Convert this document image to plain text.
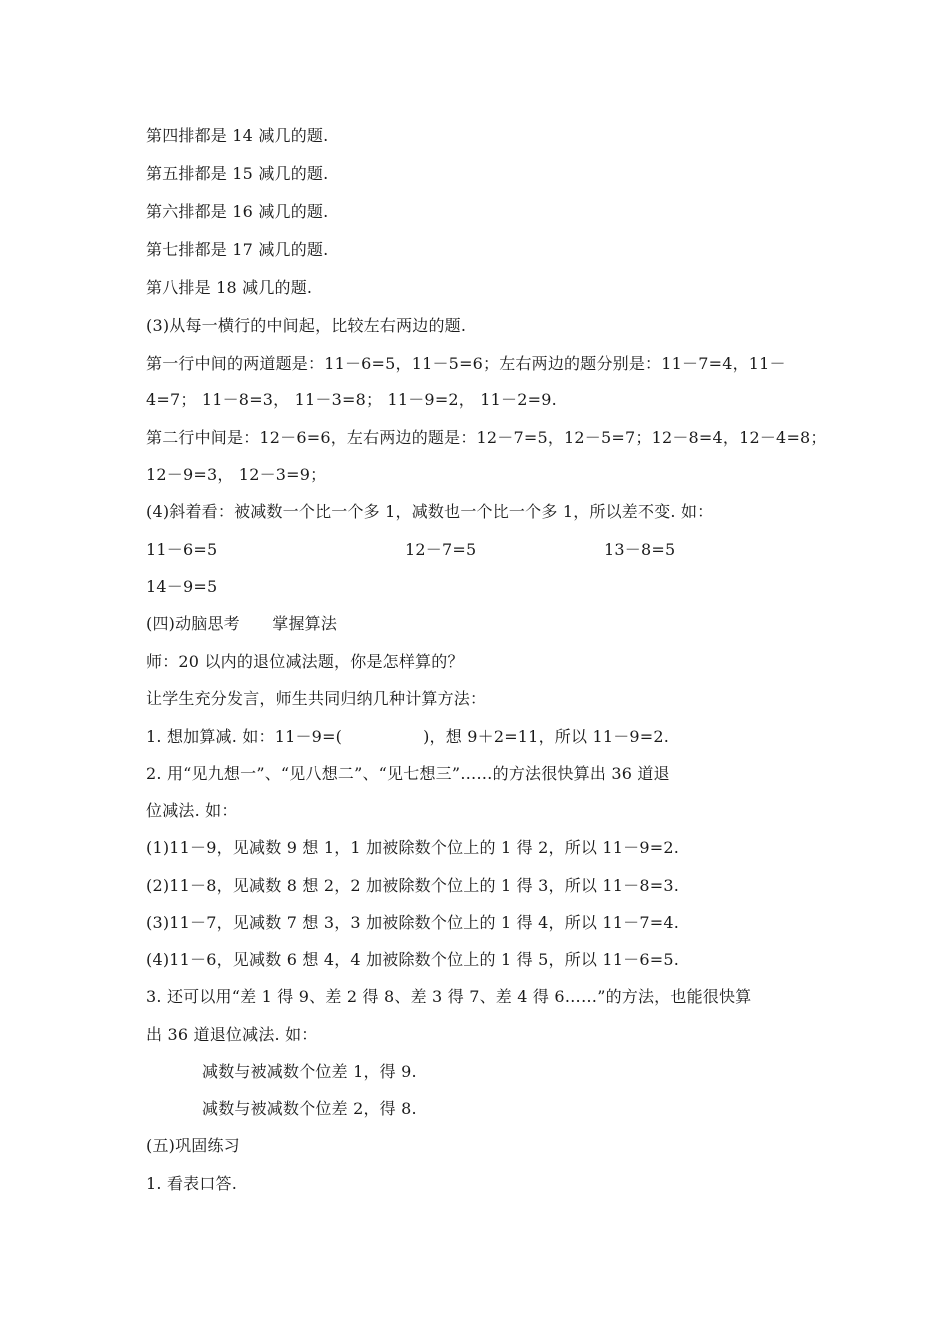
第四排都是 14 减几的题.
第五排都是 15 减几的题.
第六排都是 16 减几的题.
第七排都是 17 减几的题.
第八排是 18 减几的题.
(3)从每一横行的中间起，比较左右两边的题.
第一行中间的两道题是：11－6=5，11－5=6；左右两边的题分别是：11－7=4，11－
4=7； 11－8=3， 11－3=8； 11－9=2， 11－2=9.
第二行中间是：12－6=6，左右两边的题是：12－7=5，12－5=7；12－8=4，12－4=8；
12－9=3， 12－3=9；
(4)斜着看：被减数一个比一个多 1，减数也一个比一个多 1，所以差不变. 如：
11－6=5	12－7=5	13－8=5
14－9=5
(四)动脑思考　　掌握算法
师：20 以内的退位减法题，你是怎样算的？
让学生充分发言，师生共同归纳几种计算方法：
1. 想加算减. 如：11－9=(　　　　　)，想 9＋2=11，所以 11－9=2.
2. 用“见九想一”、“见八想二”、“见七想三”……的方法很快算出 36 道退
位减法. 如：
(1)11－9，见减数 9 想 1，1 加被除数个位上的 1 得 2，所以 11－9=2.
(2)11－8，见减数 8 想 2，2 加被除数个位上的 1 得 3，所以 11－8=3.
(3)11－7，见减数 7 想 3，3 加被除数个位上的 1 得 4，所以 11－7=4.
(4)11－6，见减数 6 想 4，4 加被除数个位上的 1 得 5，所以 11－6=5.
3. 还可以用“差 1 得 9、差 2 得 8、差 3 得 7、差 4 得 6……”的方法，也能很快算
出 36 道退位减法. 如：
减数与被减数个位差 1，得 9.
减数与被减数个位差 2，得 8.
(五)巩固练习
1. 看表口答.
